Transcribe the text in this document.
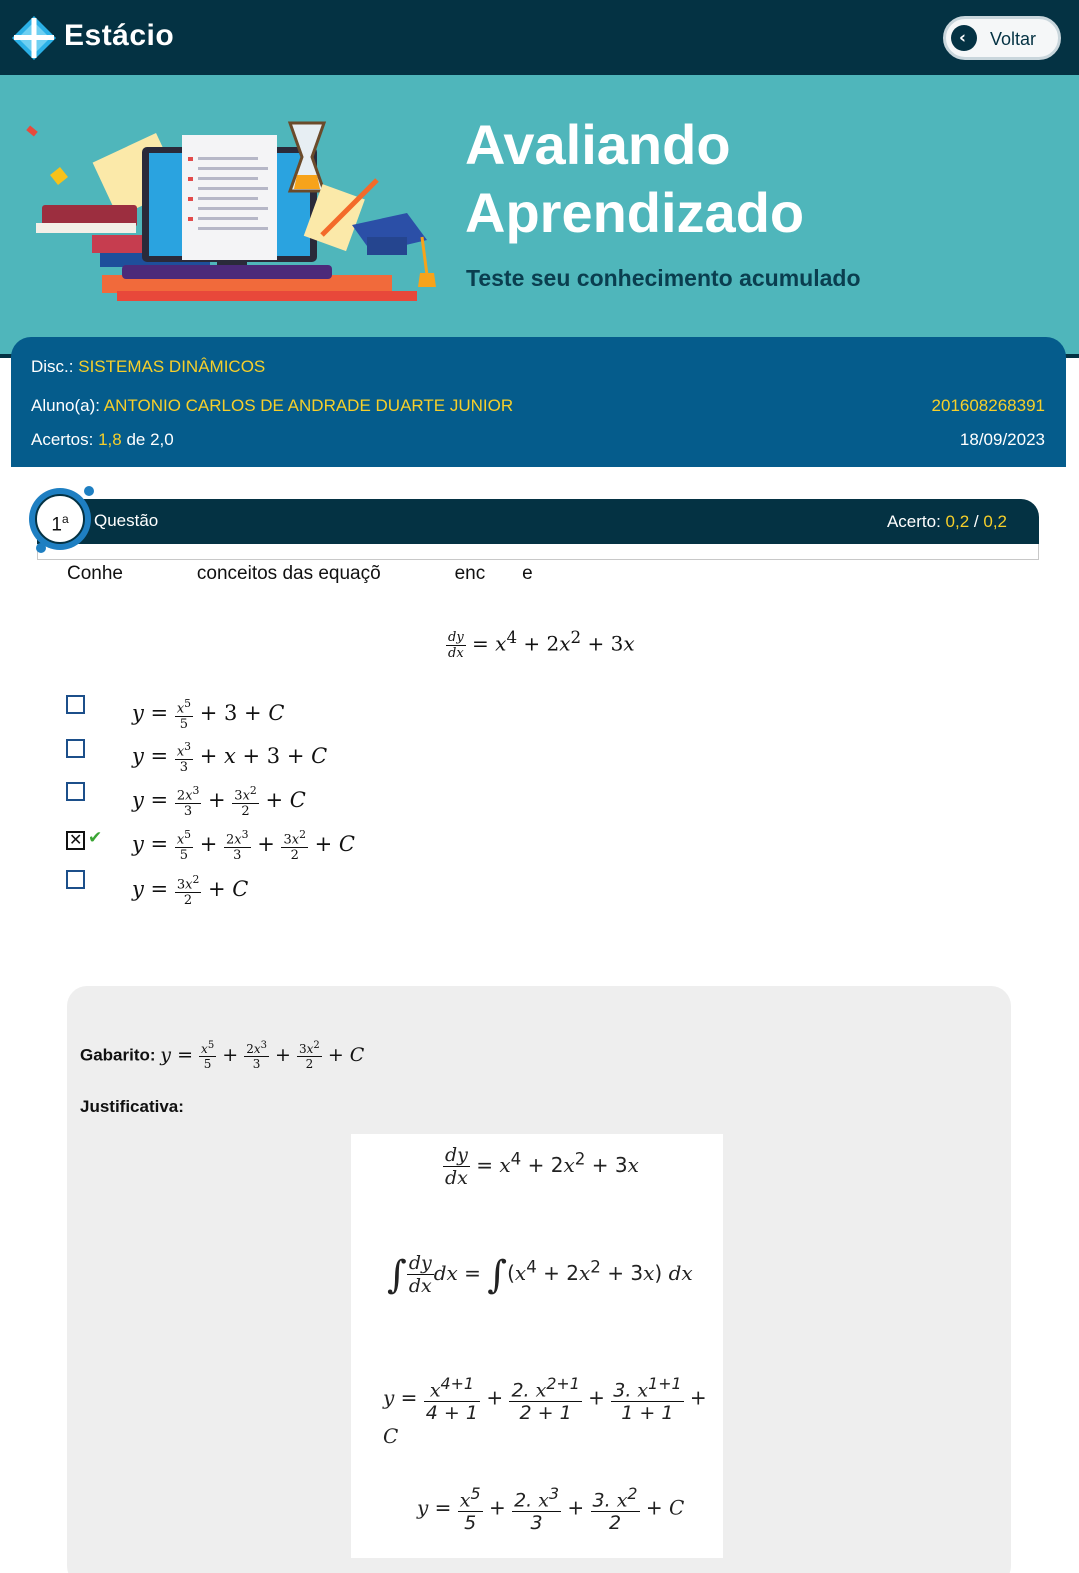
Estácio	‹ Voltar
Avaliando
Aprendizado
Teste seu conhecimento acumulado
Disc.: SISTEMAS DINÂMICOS
Aluno(a): ANTONIO CARLOS DE ANDRADE DUARTE JUNIOR	201608268391
Acertos: 1,8 de 2,0	18/09/2023
1$^a$	Questão	Acerto: 0,2 / 0,2
Conhe              conceitos das equaçõ              enc       e
$\frac{dy}{dx} = x^4 + 2x^2 + 3x$
$y = \frac{x^5}{5} + 3 + C$
$y = \frac{x^3}{3} + x + 3 + C$
$y = \frac{2x^3}{3} + \frac{3x^2}{2} + C$
✕ ✔ $y = \frac{x^5}{5} + \frac{2x^3}{3} + \frac{3x^2}{2} + C$
$y = \frac{3x^2}{2} + C$
Gabarito: $y = \frac{x^5}{5} + \frac{2x^3}{3} + \frac{3x^2}{2} + C$
Justificativa:
$\frac{dy}{dx} = x^4 + 2x^2 + 3x$
∫ $\frac{dy}{dx}$ dx = $\int(x^4 + 2x^2 + 3x)$ dx
$y = \frac{x^{4+1}}{4 + 1} + \frac{2. x^{2+1}}{2 + 1} + \frac{3. x^{1+1}}{1 + 1} + C$
$y = \frac{x^5}{5} + \frac{2. x^3}{3} + \frac{3. x^2}{2} + C$
